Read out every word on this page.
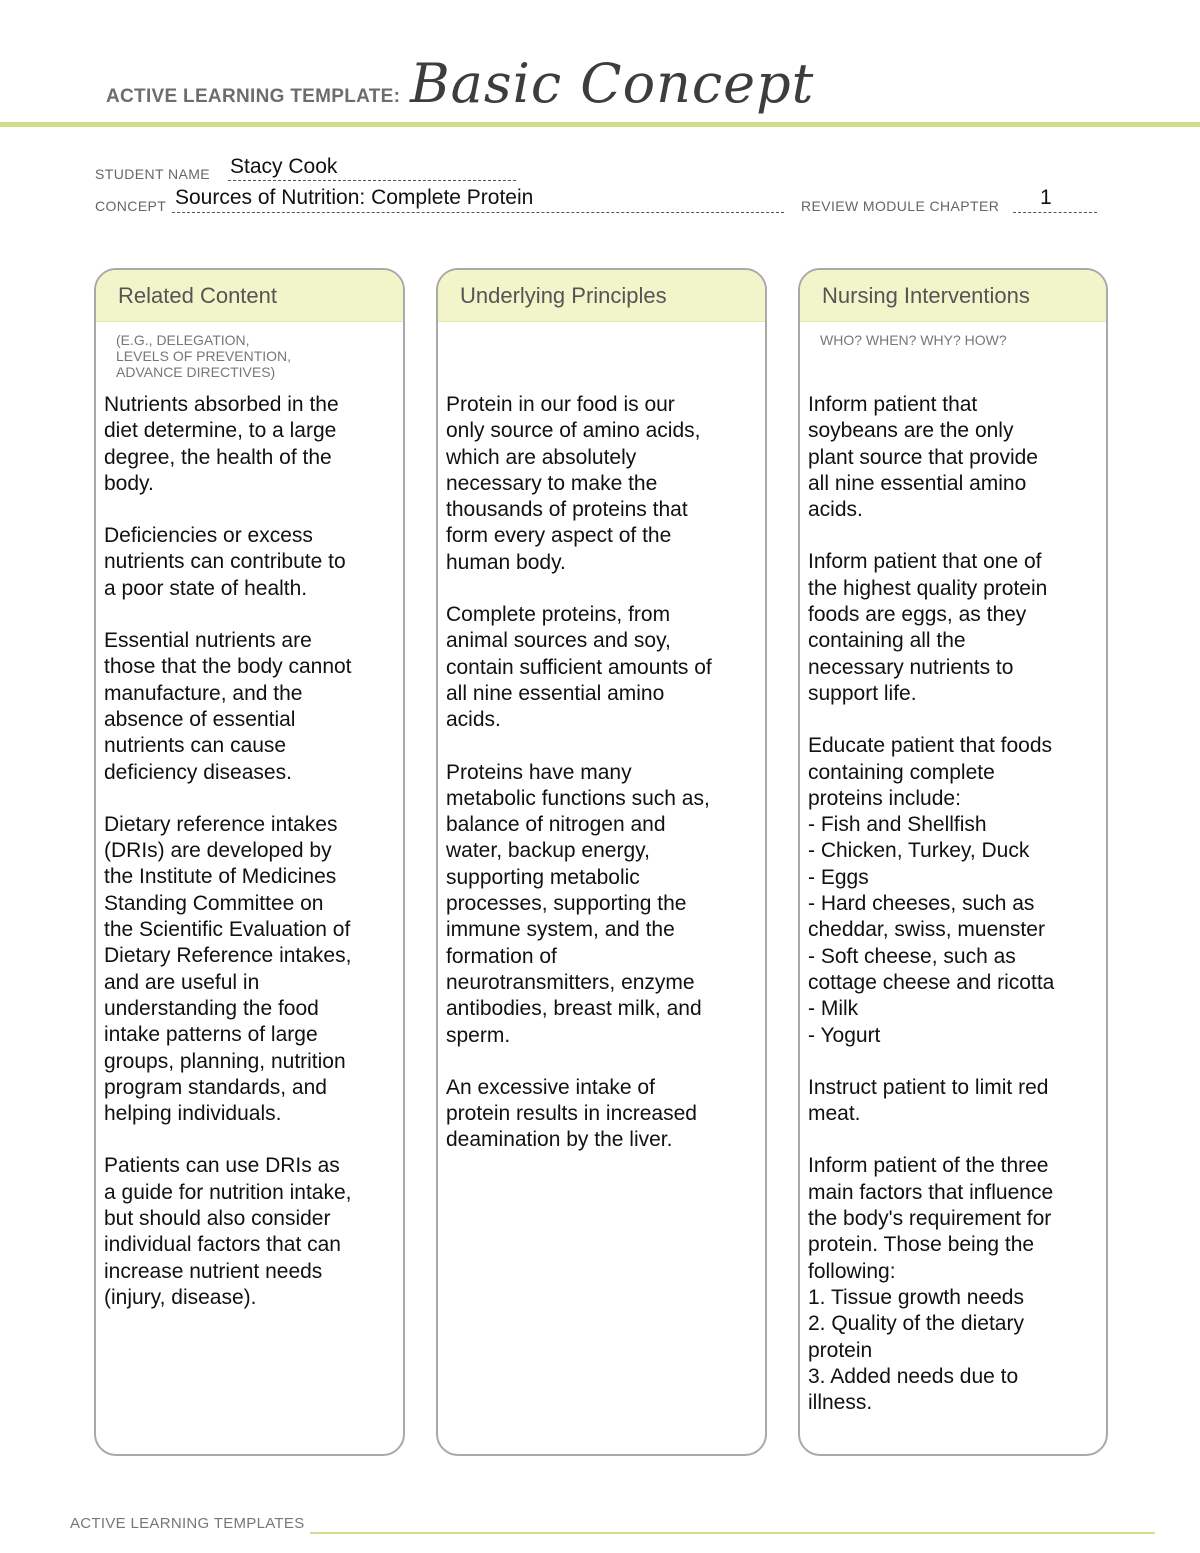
ACTIVE LEARNING TEMPLATE: Basic Concept
STUDENT NAME Stacy Cook
CONCEPT Sources of Nutrition: Complete Protein	REVIEW MODULE CHAPTER 1
Related Content
(E.G., DELEGATION,
LEVELS OF PREVENTION,
ADVANCE DIRECTIVES)

Nutrients absorbed in the
diet determine, to a large
degree, the health of the
body.

Deficiencies or excess
nutrients can contribute to
a poor state of health.

Essential nutrients are
those that the body cannot
manufacture, and the
absence of essential
nutrients can cause
deficiency diseases.

Dietary reference intakes
(DRIs) are developed by
the Institute of Medicines
Standing Committee on
the Scientific Evaluation of
Dietary Reference intakes,
and are useful in
understanding the food
intake patterns of large
groups, planning, nutrition
program standards, and
helping individuals.

Patients can use DRIs as
a guide for nutrition intake,
but should also consider
individual factors that can
increase nutrient needs
(injury, disease).

Underlying Principles

Protein in our food is our
only source of amino acids,
which are absolutely
necessary to make the
thousands of proteins that
form every aspect of the
human body.

Complete proteins, from
animal sources and soy,
contain sufficient amounts of
all nine essential amino
acids.

Proteins have many
metabolic functions such as,
balance of nitrogen and
water, backup energy,
supporting metabolic
processes, supporting the
immune system, and the
formation of
neurotransmitters, enzyme
antibodies, breast milk, and
sperm.

An excessive intake of
protein results in increased
deamination by the liver.

Nursing Interventions
WHO? WHEN? WHY? HOW?

Inform patient that
soybeans are the only
plant source that provide
all nine essential amino
acids.

Inform patient that one of
the highest quality protein
foods are eggs, as they
containing all the
necessary nutrients to
support life.

Educate patient that foods
containing complete
proteins include:
- Fish and Shellfish
- Chicken, Turkey, Duck
- Eggs
- Hard cheeses, such as
cheddar, swiss, muenster
- Soft cheese, such as
cottage cheese and ricotta
- Milk
- Yogurt

Instruct patient to limit red
meat.

Inform patient of the three
main factors that influence
the body's requirement for
protein. Those being the
following:
1. Tissue growth needs
2. Quality of the dietary
protein
3. Added needs due to
illness.

ACTIVE LEARNING TEMPLATES
